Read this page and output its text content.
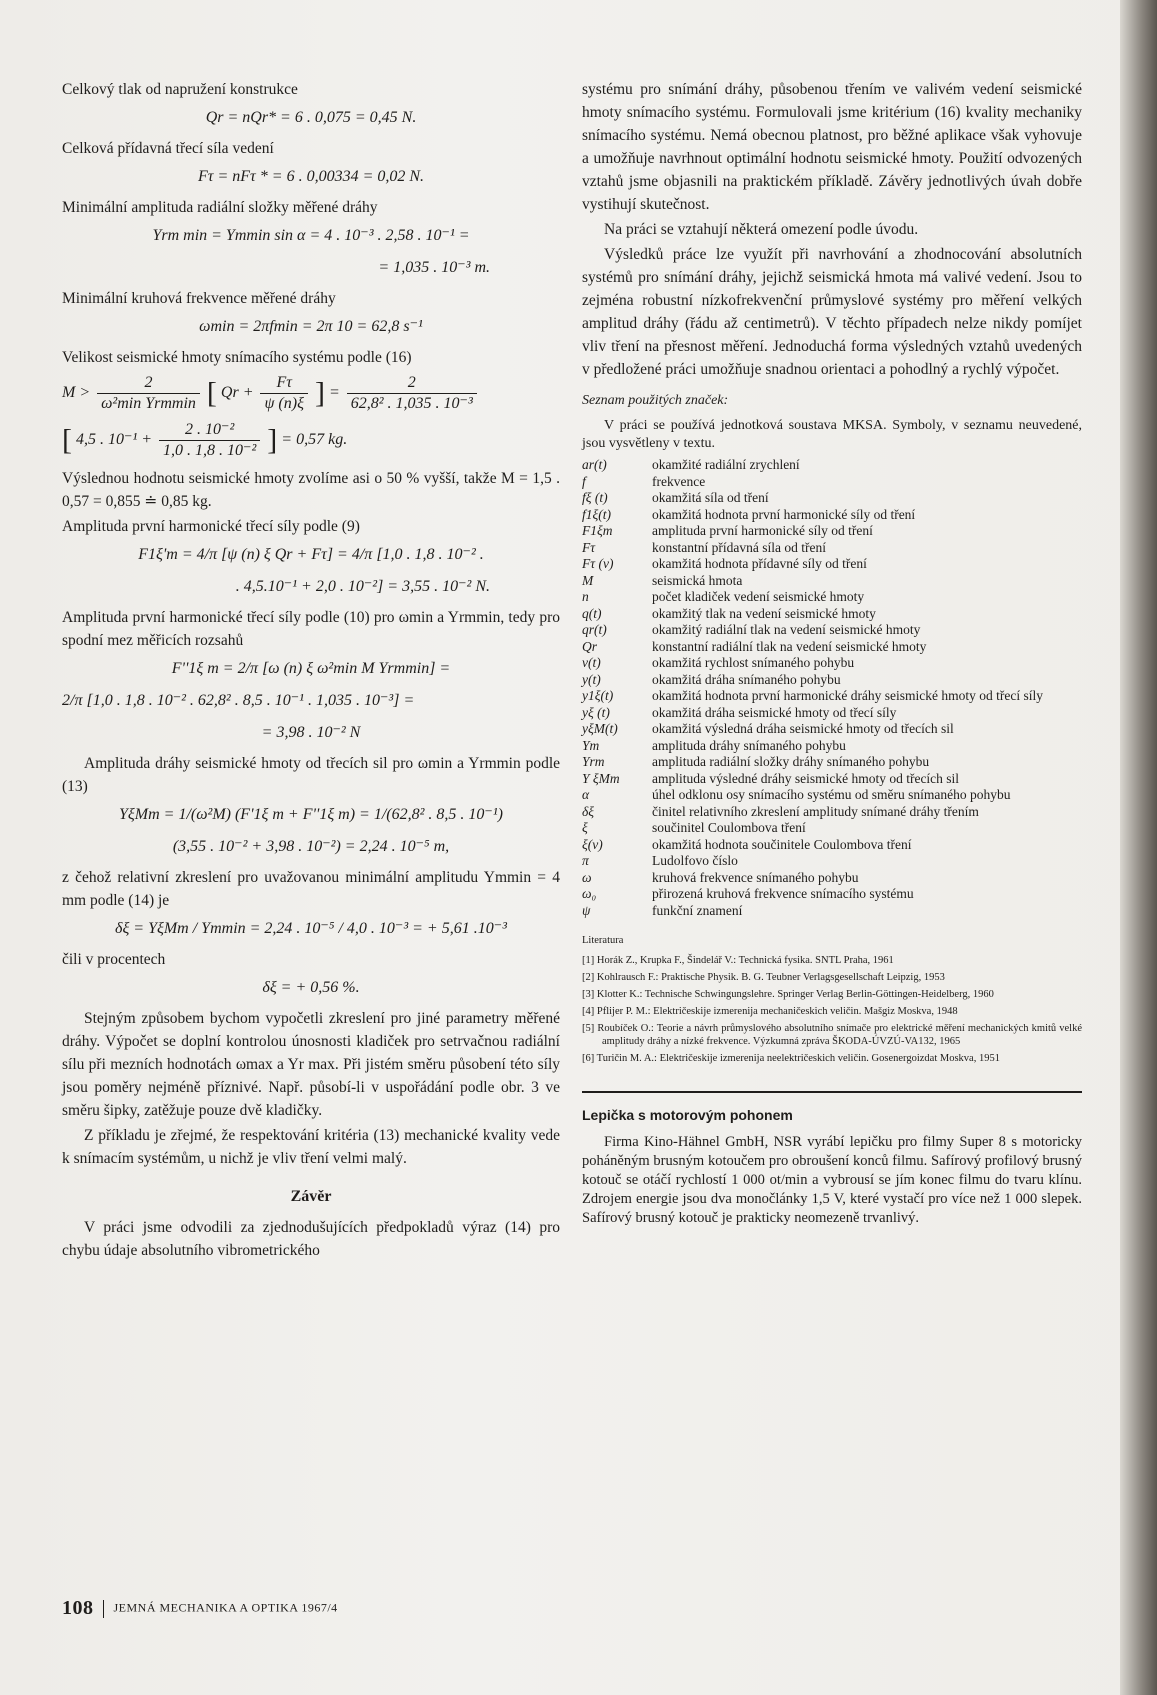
Celkový tlak od napružení konstrukce

Qr = nQr* = 6 . 0,075 = 0,45 N.

Celková přídavná třecí síla vedení

Fτ = nFτ * = 6 . 0,00334 = 0,02 N.

Minimální amplituda radiální složky měřené dráhy

Yrm min = Ymmin sin α = 4 . 10⁻³ . 2,58 . 10⁻¹ =
= 1,035 . 10⁻³ m.

Minimální kruhová frekvence měřené dráhy

ωmin = 2πfmin = 2π 10 = 62,8 s⁻¹

Velikost seismické hmoty snímacího systému podle (16)

$M > \frac{2}{\text{ω²min Yrmmin}}$ [ $Qr + \frac{F\tau}{\psi (n)\xi}$ ] = $\frac{2}{\text{62,8² . 1,035 . 10⁻³}}$
[ 4,5 . $10^{-1} + \frac{\text{2 . 10⁻²}}{\text{1,0 . 1,8 . 10⁻²}}$ ] = 0,57 kg.

Výslednou hodnotu seismické hmoty zvolíme asi o 50 % vyšší, takže M = 1,5 . 0,57 = 0,855 ≐ 0,85 kg.

Amplituda první harmonické třecí síly podle (9)

F1ξ'm = 4/π [ψ (n) ξ Qr + Fτ] = 4/π [1,0 . 1,8 . 10⁻² .
. 4,5.10⁻¹ + 2,0 . 10⁻²] = 3,55 . 10⁻² N.

Amplituda první harmonické třecí síly podle (10) pro ωmin a Yrmmin, tedy pro spodní mez měřicích rozsahů

F''1ξ m = 2/π [ω (n) ξ ω²min M Yrmmin] =
2/π [1,0 . 1,8 . 10⁻² . 62,8² . 8,5 . 10⁻¹ . 1,035 . 10⁻³] =
= 3,98 . 10⁻² N

Amplituda dráhy seismické hmoty od třecích sil pro ωmin a Yrmmin podle (13)

YξMm = 1/(ω²M) (F'1ξ m + F''1ξ m) = 1/(62,8² . 8,5 . 10⁻¹)
(3,55 . 10⁻² + 3,98 . 10⁻²) = 2,24 . 10⁻⁵ m,

z čehož relativní zkreslení pro uvažovanou minimální amplitudu Ymmin = 4 mm podle (14) je

δξ = YξMm / Ymmin = 2,24 . 10⁻⁵ / 4,0 . 10⁻³ = + 5,61 .10⁻³

čili v procentech

δξ = + 0,56 %.

Stejným způsobem bychom vypočetli zkreslení pro jiné parametry měřené dráhy. Výpočet se doplní kontrolou únosnosti kladiček pro setrvačnou radiální sílu při mezních hodnotách ωmax a Yr max. Při jistém směru působení této síly jsou poměry nejméně příznivé. Např. působí-li v uspořádání podle obr. 3 ve směru šipky, zatěžuje pouze dvě kladičky.

Z příkladu je zřejmé, že respektování kritéria (13) mechanické kvality vede k snímacím systémům, u nichž je vliv tření velmi malý.

Závěr

V práci jsme odvodili za zjednodušujících předpokladů výraz (14) pro chybu údaje absolutního vibrometrického

systému pro snímání dráhy, působenou třením ve valivém vedení seismické hmoty snímacího systému. Formulovali jsme kritérium (16) kvality mechaniky snímacího systému. Nemá obecnou platnost, pro běžné aplikace však vyhovuje a umožňuje navrhnout optimální hodnotu seismické hmoty. Použití odvozených vztahů jsme objasnili na praktickém příkladě. Závěry jednotlivých úvah dobře vystihují skutečnost.

Na práci se vztahují některá omezení podle úvodu.

Výsledků práce lze využít při navrhování a zhodnocování absolutních systémů pro snímání dráhy, jejichž seismická hmota má valivé vedení. Jsou to zejména robustní nízkofrekvenční průmyslové systémy pro měření velkých amplitud dráhy (řádu až centimetrů). V těchto případech nelze nikdy pomíjet vliv tření na přesnost měření. Jednoduchá forma výsledných vztahů uvedených v předložené práci umožňuje snadnou orientaci a pohodlný a rychlý výpočet.

Seznam použitých značek:

V práci se používá jednotková soustava MKSA. Symboly, v seznamu neuvedené, jsou vysvětleny v textu.

ar(t)	okamžité radiální zrychlení
f	frekvence
fξ (t)	okamžitá síla od tření
f1ξ(t)	okamžitá hodnota první harmonické síly od tření
F1ξm	amplituda první harmonické síly od tření
Fτ	konstantní přídavná síla od tření
Fτ (v)	okamžitá hodnota přídavné síly od tření
M	seismická hmota
n	počet kladiček vedení seismické hmoty
q(t)	okamžitý tlak na vedení seismické hmoty
qr(t)	okamžitý radiální tlak na vedení seismické hmoty
Qr	konstantní radiální tlak na vedení seismické hmoty
v(t)	okamžitá rychlost snímaného pohybu
y(t)	okamžitá dráha snímaného pohybu
y1ξ(t)	okamžitá hodnota první harmonické dráhy seismické hmoty od třecí síly
yξ (t)	okamžitá dráha seismické hmoty od třecí síly
yξM(t)	okamžitá výsledná dráha seismické hmoty od třecích sil
Ym	amplituda dráhy snímaného pohybu
Yrm	amplituda radiální složky dráhy snímaného pohybu
Y ξMm	amplituda výsledné dráhy seismické hmoty od třecích sil
α	úhel odklonu osy snímacího systému od směru snímaného pohybu
δξ	činitel relativního zkreslení amplitudy snímané dráhy třením
ξ	součinitel Coulombova tření
ξ(v)	okamžitá hodnota součinitele Coulombova tření
π	Ludolfovo číslo
ω	kruhová frekvence snímaného pohybu
ω₀	přirozená kruhová frekvence snímacího systému
ψ	funkční znamení
Literatura
[1] Horák Z., Krupka F., Šindelář V.: Technická fysika. SNTL Praha, 1961
[2] Kohlrausch F.: Praktische Physik. B. G. Teubner Verlagsgesellschaft Leipzig, 1953
[3] Klotter K.: Technische Schwingungslehre. Springer Verlag Berlin-Göttingen-Heidelberg, 1960
[4] Pflijer P. M.: Električeskije izmerenija mechaničeskich veličin. Mašgiz Moskva, 1948
[5] Roubíček O.: Teorie a návrh průmyslového absolutního snímače pro elektrické měření mechanických kmitů velké amplitudy dráhy a nízké frekvence. Výzkumná zpráva ŠKODA-ÚVZÚ-VA132, 1965
[6] Turičin M. A.: Električeskije izmerenija neelektričeskich veličin. Gosenergoizdat Moskva, 1951
Lepička s motorovým pohonem

Firma Kino-Hähnel GmbH, NSR vyrábí lepičku pro filmy Super 8 s motoricky poháněným brusným kotoučem pro obroušení konců filmu. Safírový profilový brusný kotouč se otáčí rychlostí 1 000 ot/min a vybrousí se jím konec filmu do tvaru klínu. Zdrojem energie jsou dva monočlánky 1,5 V, které vystačí pro více než 1 000 slepek. Safírový brusný kotouč je prakticky neomezeně trvanlivý.

108 JEMNÁ MECHANIKA A OPTIKA 1967/4
